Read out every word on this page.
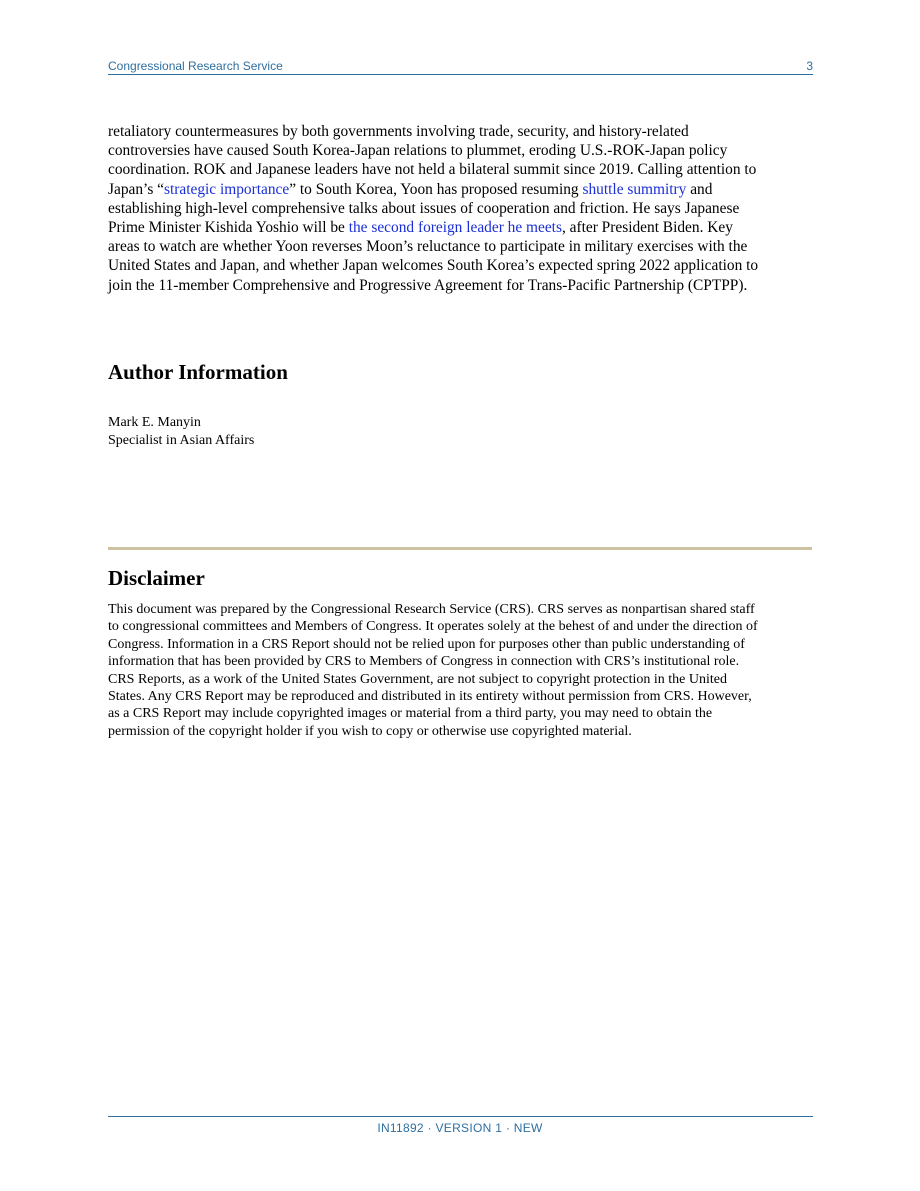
Congressional Research Service	3
retaliatory countermeasures by both governments involving trade, security, and history-related
controversies have caused South Korea-Japan relations to plummet, eroding U.S.-ROK-Japan policy
coordination. ROK and Japanese leaders have not held a bilateral summit since 2019. Calling attention to
Japan’s “strategic importance” to South Korea, Yoon has proposed resuming shuttle summitry and
establishing high-level comprehensive talks about issues of cooperation and friction. He says Japanese
Prime Minister Kishida Yoshio will be the second foreign leader he meets, after President Biden. Key
areas to watch are whether Yoon reverses Moon’s reluctance to participate in military exercises with the
United States and Japan, and whether Japan welcomes South Korea’s expected spring 2022 application to
join the 11-member Comprehensive and Progressive Agreement for Trans-Pacific Partnership (CPTPP).
Author Information
Mark E. Manyin
Specialist in Asian Affairs
Disclaimer
This document was prepared by the Congressional Research Service (CRS). CRS serves as nonpartisan shared staff
to congressional committees and Members of Congress. It operates solely at the behest of and under the direction of
Congress. Information in a CRS Report should not be relied upon for purposes other than public understanding of
information that has been provided by CRS to Members of Congress in connection with CRS’s institutional role.
CRS Reports, as a work of the United States Government, are not subject to copyright protection in the United
States. Any CRS Report may be reproduced and distributed in its entirety without permission from CRS. However,
as a CRS Report may include copyrighted images or material from a third party, you may need to obtain the
permission of the copyright holder if you wish to copy or otherwise use copyrighted material.
IN11892 · VERSION 1 · NEW
